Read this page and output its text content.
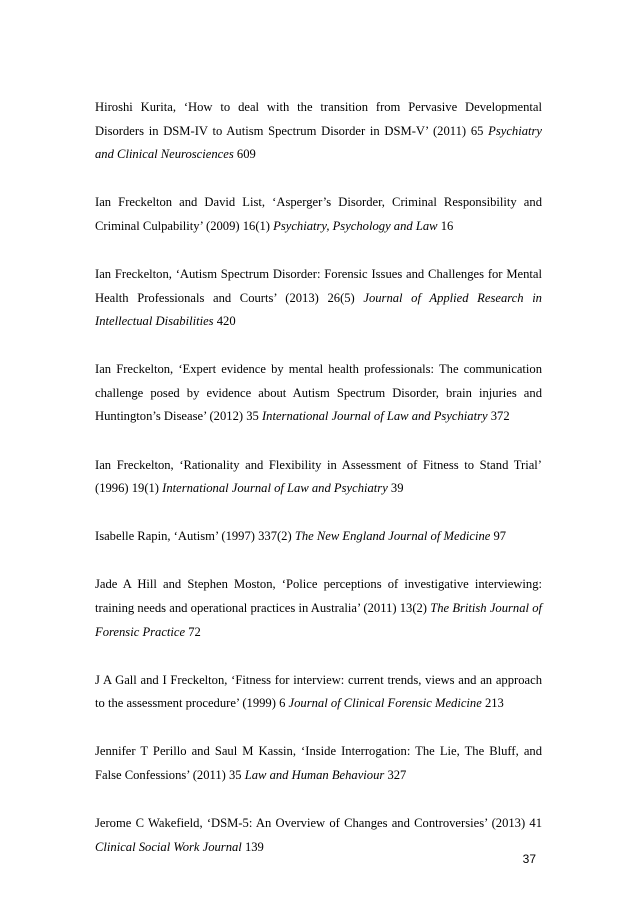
Hiroshi Kurita, ‘How to deal with the transition from Pervasive Developmental Disorders in DSM-IV to Autism Spectrum Disorder in DSM-V’ (2011) 65 Psychiatry and Clinical Neurosciences 609

Ian Freckelton and David List, ‘Asperger’s Disorder, Criminal Responsibility and Criminal Culpability’ (2009) 16(1) Psychiatry, Psychology and Law 16

Ian Freckelton, ‘Autism Spectrum Disorder: Forensic Issues and Challenges for Mental Health Professionals and Courts’ (2013) 26(5) Journal of Applied Research in Intellectual Disabilities 420

Ian Freckelton, ‘Expert evidence by mental health professionals: The communication challenge posed by evidence about Autism Spectrum Disorder, brain injuries and Huntington’s Disease’ (2012) 35 International Journal of Law and Psychiatry 372

Ian Freckelton, ‘Rationality and Flexibility in Assessment of Fitness to Stand Trial’ (1996) 19(1) International Journal of Law and Psychiatry 39

Isabelle Rapin, ‘Autism’ (1997) 337(2) The New England Journal of Medicine 97

Jade A Hill and Stephen Moston, ‘Police perceptions of investigative interviewing: training needs and operational practices in Australia’ (2011) 13(2) The British Journal of Forensic Practice 72

J A Gall and I Freckelton, ‘Fitness for interview: current trends, views and an approach to the assessment procedure’ (1999) 6 Journal of Clinical Forensic Medicine 213

Jennifer T Perillo and Saul M Kassin, ‘Inside Interrogation: The Lie, The Bluff, and False Confessions’ (2011) 35 Law and Human Behaviour 327

Jerome C Wakefield, ‘DSM-5: An Overview of Changes and Controversies’ (2013) 41 Clinical Social Work Journal 139

37
